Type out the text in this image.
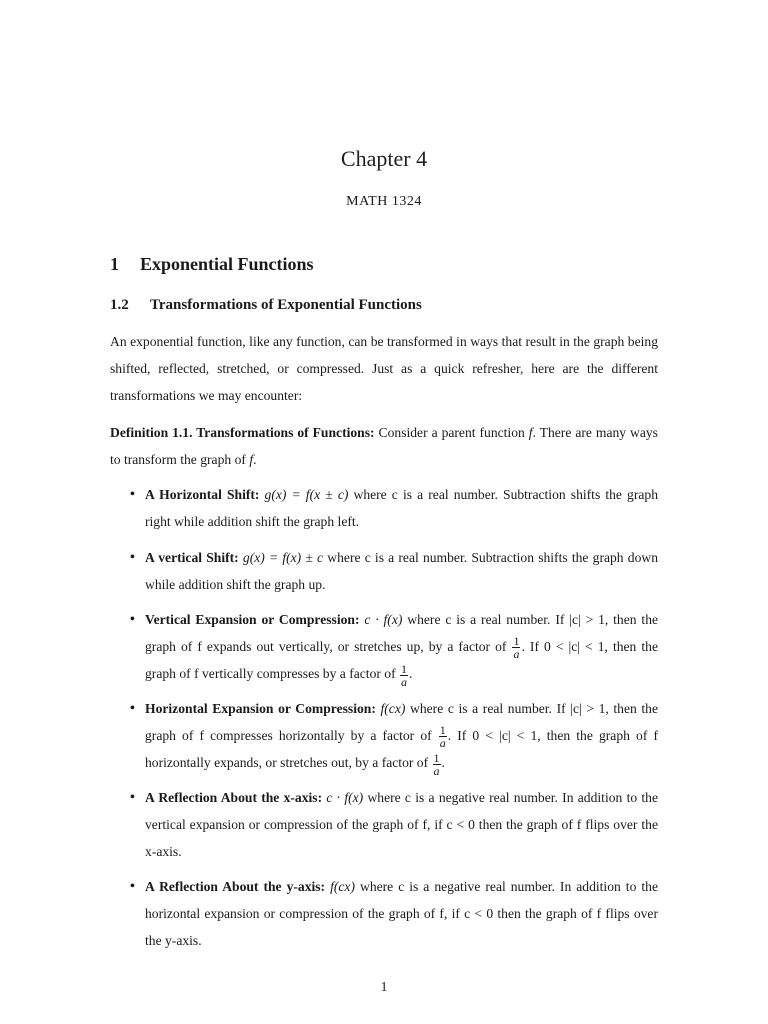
Chapter 4
MATH 1324
1 Exponential Functions
1.2 Transformations of Exponential Functions
An exponential function, like any function, can be transformed in ways that result in the graph being shifted, reflected, stretched, or compressed. Just as a quick refresher, here are the different transformations we may encounter:
Definition 1.1. Transformations of Functions: Consider a parent function f. There are many ways to transform the graph of f.
• A Horizontal Shift: g(x) = f(x ± c) where c is a real number. Subtraction shifts the graph right while addition shift the graph left.
• A vertical Shift: g(x) = f(x) ± c where c is a real number. Subtraction shifts the graph down while addition shift the graph up.
• Vertical Expansion or Compression: c · f(x) where c is a real number. If |c| > 1, then the graph of f expands out vertically, or stretches up, by a factor of $\frac{1}{a}$ . If 0 < |c| < 1, then the graph of f vertically compresses by a factor of $\frac{1}{a}$ .
• Horizontal Expansion or Compression: f(cx) where c is a real number. If |c| > 1, then the graph of f compresses horizontally by a factor of $\frac{1}{a}$ . If 0 < |c| < 1, then the graph of f horizontally expands, or stretches out, by a factor of $\frac{1}{a}$ .
• A Reflection About the x-axis: c · f(x) where c is a negative real number. In addition to the vertical expansion or compression of the graph of f, if c < 0 then the graph of f flips over the x-axis.
• A Reflection About the y-axis: f(cx) where c is a negative real number. In addition to the horizontal expansion or compression of the graph of f, if c < 0 then the graph of f flips over the y-axis.
1
